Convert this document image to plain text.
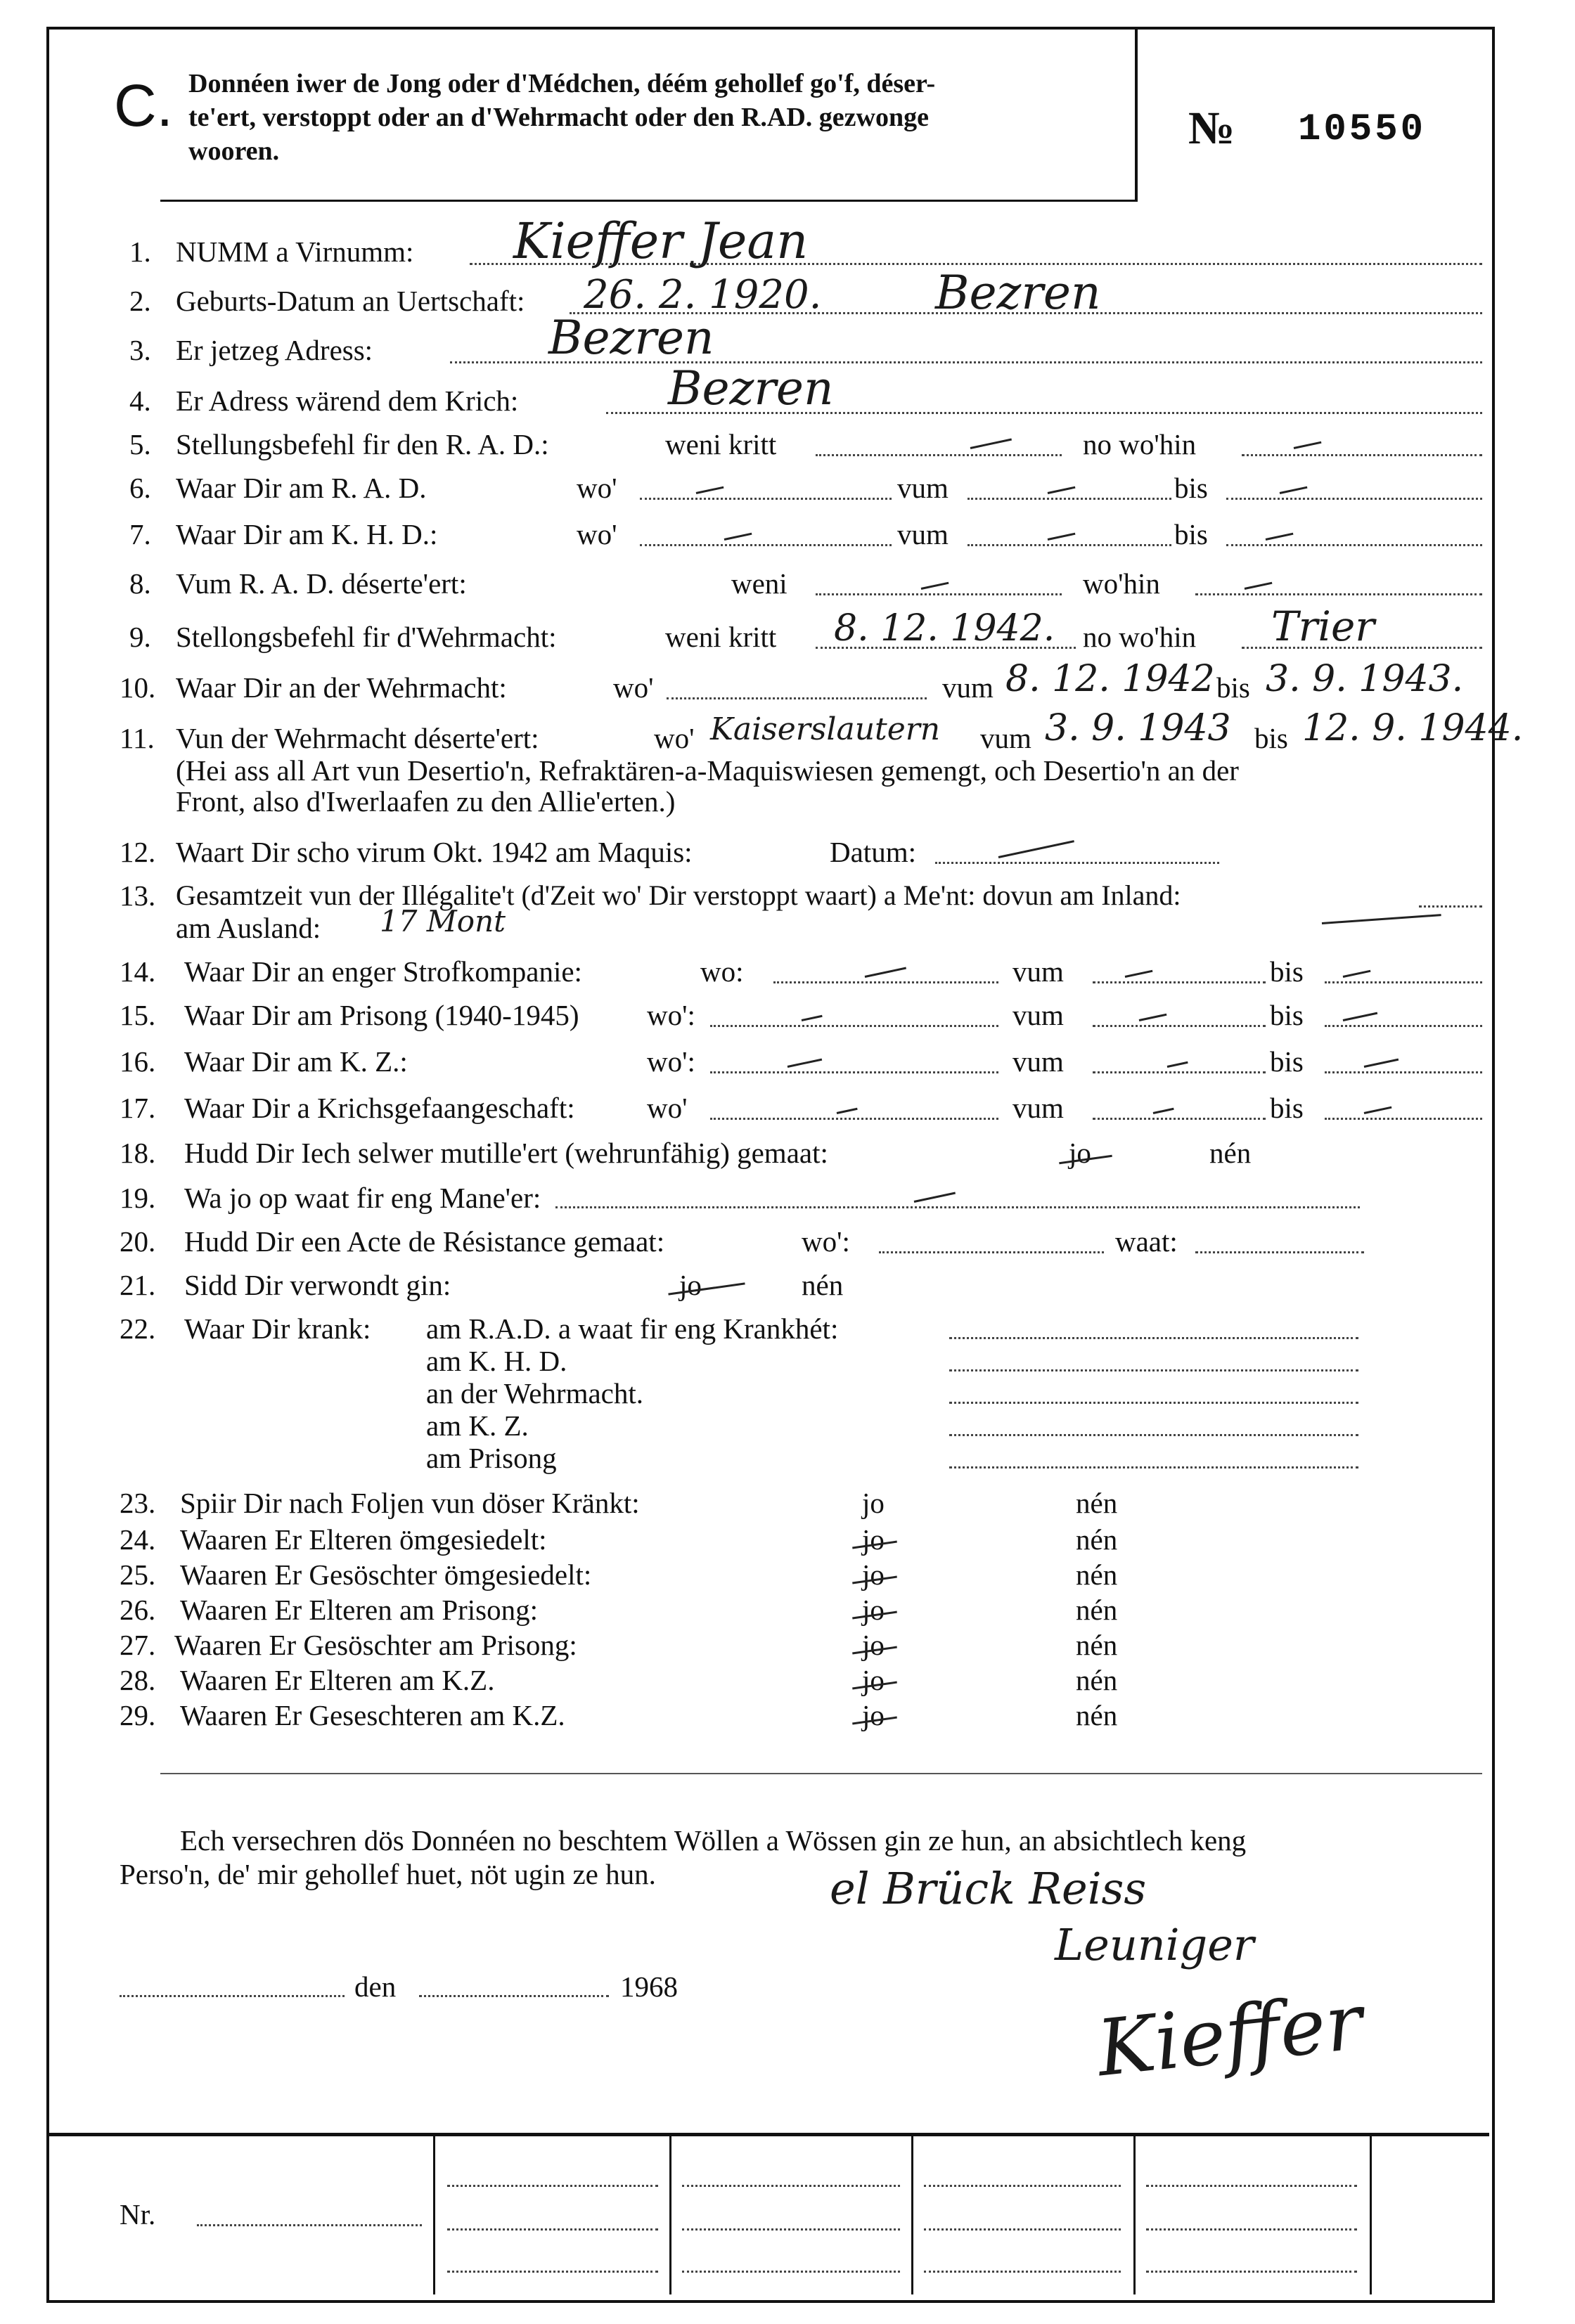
C. Donnéen iwer de Jong oder d'Médchen, déém gehollef go'f, déser-
te'ert, verstoppt oder an d'Wehrmacht oder den R.AD. gezwonge
wooren.	№ 10550
1. NUMM a Virnumm: Kieffer Jean
2. Geburts-Datum an Uertschaft: 26. 2. 1920. Bezren
3. Er jetzeg Adress:	Bezren
4. Er Adress wärend dem Krich:	Bezren
5. Stellungsbefehl fir den R. A. D.:	weni kritt	no wo'hin
6. Waar Dir am R. A. D.	wo'	vum	bis
7. Waar Dir am K. H. D.:	wo'	vum	bis
8. Vum R. A. D. déserte'ert:	weni	wo'hin
9. Stellongsbefehl fir d'Wehrmacht:	weni kritt 8. 12. 1942. no wo'hin Trier
10. Waar Dir an der Wehrmacht:	wo'	vum 8. 12. 1942 bis 3. 9. 1943.
11. Vun der Wehrmacht déserte'ert:	wo' Kaiserslautern vum 3. 9. 1943 bis 12. 9. 1944.
(Hei ass all Art vun Desertio'n, Refraktären-a-Maquiswiesen gemengt, och Desertio'n an der
Front, also d'Iwerlaafen zu den Allie'erten.)
12. Waart Dir scho virum Okt. 1942 am Maquis:	Datum:
13. Gesamtzeit vun der Illégalite't (d'Zeit wo' Dir verstoppt waart) a Me'nt: dovun am Inland:
am Ausland: 17 Mont
14. Waar Dir an enger Strofkompanie:	wo:	vum	bis
15. Waar Dir am Prisong (1940-1945) wo':	vum	bis
16. Waar Dir am K. Z.:	wo':	vum	bis
17. Waar Dir a Krichsgefaangeschaft: wo'	vum	bis
18. Hudd Dir Iech selwer mutille'ert (wehrunfähig) gemaat:	jo	nén
19. Wa jo op waat fir eng Mane'er:
20. Hudd Dir een Acte de Résistance gemaat:	wo':	waat:
21. Sidd Dir verwondt gin:	jo	nén
22. Waar Dir krank: am R.A.D. a waat fir eng Krankhét:
am K. H. D.
an der Wehrmacht.
am K. Z.
am Prisong
23. Spiir Dir nach Foljen vun döser Kränkt:	jo	nén
24. Waaren Er Elteren ömgesiedelt:	jo	nén
25. Waaren Er Gesöschter ömgesiedelt:	jo	nén
26. Waaren Er Elteren am Prisong:	jo	nén
27. Waaren Er Gesöschter am Prisong:	jo	nén
28. Waaren Er Elteren am K.Z.	jo	nén
29. Waaren Er Geseschteren am K.Z.	jo	nén
Ech versechren dös Donnéen no beschtem Wöllen a Wössen gin ze hun, an absichtlech keng
Perso'n, de' mir gehollef huet, nöt ugin ze hun.	el Brück Reiss
Leuniger
den	1968	Kieffer
Nr.
